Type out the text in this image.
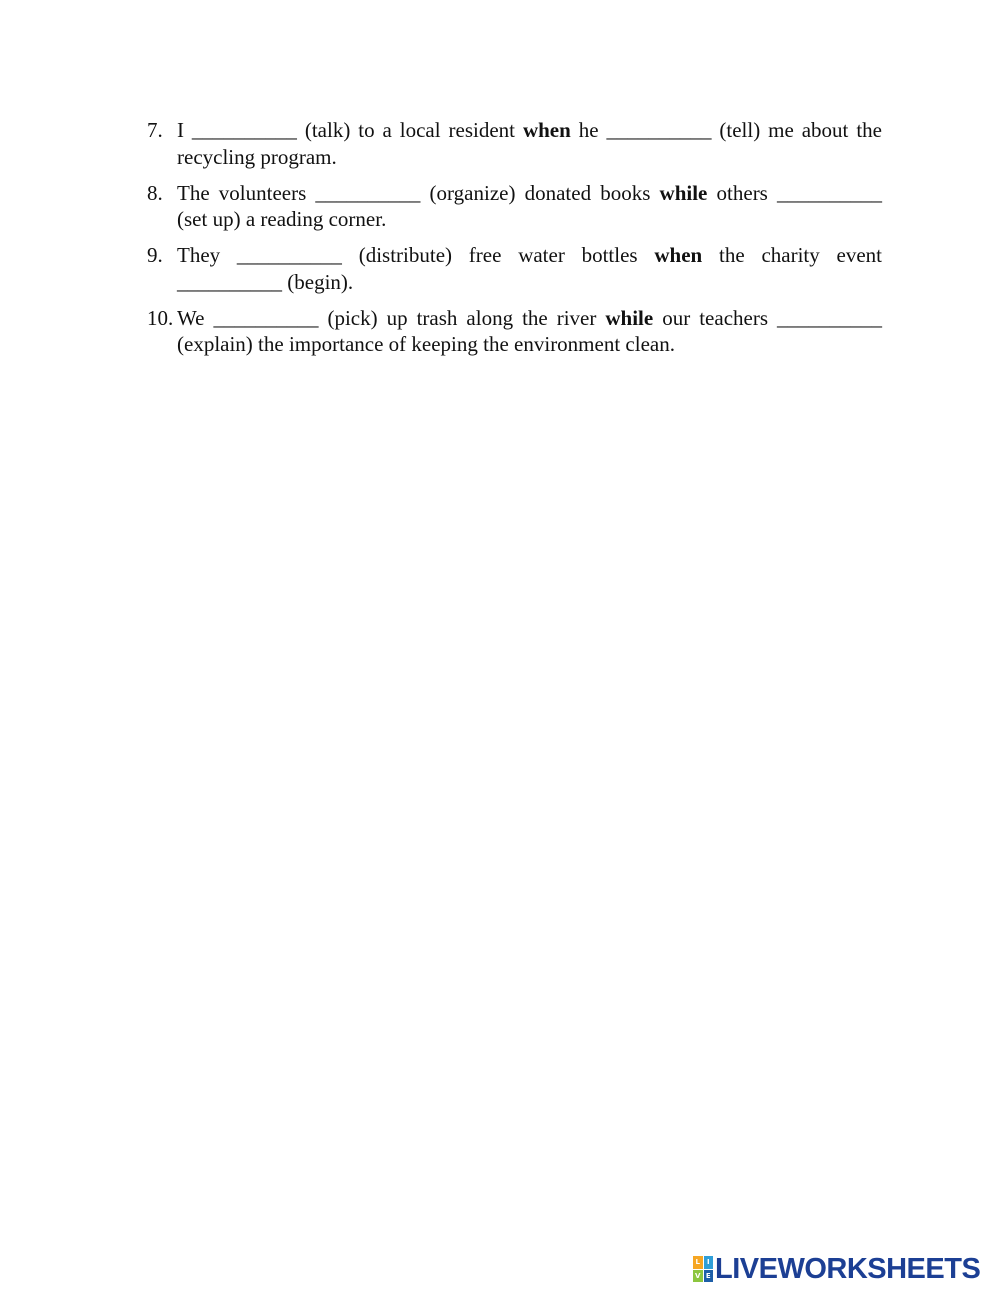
7. I __________ (talk) to a local resident when he __________ (tell) me about the recycling program.
8. The volunteers __________ (organize) donated books while others __________ (set up) a reading corner.
9. They __________ (distribute) free water bottles when the charity event __________ (begin).
10. We __________ (pick) up trash along the river while our teachers __________ (explain) the importance of keeping the environment clean.
L I
V E LIVEWORKSHEETS
